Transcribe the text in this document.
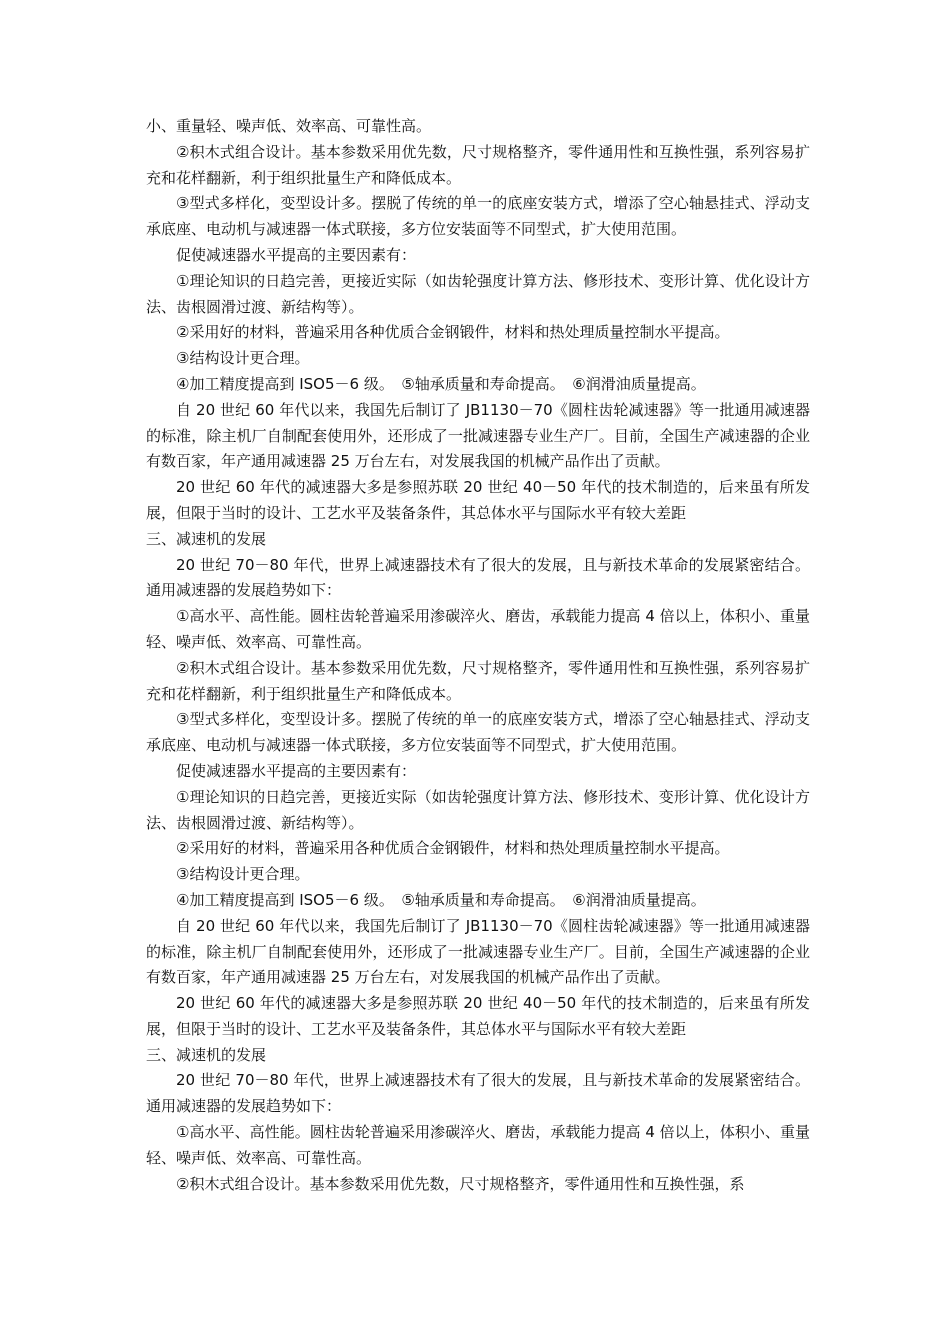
小、重量轻、噪声低、效率高、可靠性高。

②积木式组合设计。基本参数采用优先数，尺寸规格整齐，零件通用性和互换性强，系列容易扩充和花样翻新，利于组织批量生产和降低成本。

③型式多样化，变型设计多。摆脱了传统的单一的底座安装方式，增添了空心轴悬挂式、浮动支承底座、电动机与减速器一体式联接，多方位安装面等不同型式，扩大使用范围。

促使减速器水平提高的主要因素有：

①理论知识的日趋完善，更接近实际（如齿轮强度计算方法、修形技术、变形计算、优化设计方法、齿根圆滑过渡、新结构等）。

②采用好的材料，普遍采用各种优质合金钢锻件，材料和热处理质量控制水平提高。

③结构设计更合理。

④加工精度提高到 ISO5－6 级。　⑤轴承质量和寿命提高。　⑥润滑油质量提高。

自 20 世纪 60 年代以来，我国先后制订了 JB1130－70《圆柱齿轮减速器》等一批通用减速器的标准，除主机厂自制配套使用外，还形成了一批减速器专业生产厂。目前，全国生产减速器的企业有数百家，年产通用减速器 25 万台左右，对发展我国的机械产品作出了贡献。

20 世纪 60 年代的减速器大多是参照苏联 20 世纪 40－50 年代的技术制造的，后来虽有所发展，但限于当时的设计、工艺水平及装备条件，其总体水平与国际水平有较大差距

三、减速机的发展

20 世纪 70－80 年代，世界上减速器技术有了很大的发展，且与新技术革命的发展紧密结合。通用减速器的发展趋势如下：

①高水平、高性能。圆柱齿轮普遍采用渗碳淬火、磨齿，承载能力提高 4 倍以上，体积小、重量轻、噪声低、效率高、可靠性高。

②积木式组合设计。基本参数采用优先数，尺寸规格整齐，零件通用性和互换性强，系列容易扩充和花样翻新，利于组织批量生产和降低成本。

③型式多样化，变型设计多。摆脱了传统的单一的底座安装方式，增添了空心轴悬挂式、浮动支承底座、电动机与减速器一体式联接，多方位安装面等不同型式，扩大使用范围。

促使减速器水平提高的主要因素有：

①理论知识的日趋完善，更接近实际（如齿轮强度计算方法、修形技术、变形计算、优化设计方法、齿根圆滑过渡、新结构等）。

②采用好的材料，普遍采用各种优质合金钢锻件，材料和热处理质量控制水平提高。

③结构设计更合理。

④加工精度提高到 ISO5－6 级。　⑤轴承质量和寿命提高。　⑥润滑油质量提高。

自 20 世纪 60 年代以来，我国先后制订了 JB1130－70《圆柱齿轮减速器》等一批通用减速器的标准，除主机厂自制配套使用外，还形成了一批减速器专业生产厂。目前，全国生产减速器的企业有数百家，年产通用减速器 25 万台左右，对发展我国的机械产品作出了贡献。

20 世纪 60 年代的减速器大多是参照苏联 20 世纪 40－50 年代的技术制造的，后来虽有所发展，但限于当时的设计、工艺水平及装备条件，其总体水平与国际水平有较大差距

三、减速机的发展

20 世纪 70－80 年代，世界上减速器技术有了很大的发展，且与新技术革命的发展紧密结合。通用减速器的发展趋势如下：

①高水平、高性能。圆柱齿轮普遍采用渗碳淬火、磨齿，承载能力提高 4 倍以上，体积小、重量轻、噪声低、效率高、可靠性高。

②积木式组合设计。基本参数采用优先数，尺寸规格整齐，零件通用性和互换性强，系
